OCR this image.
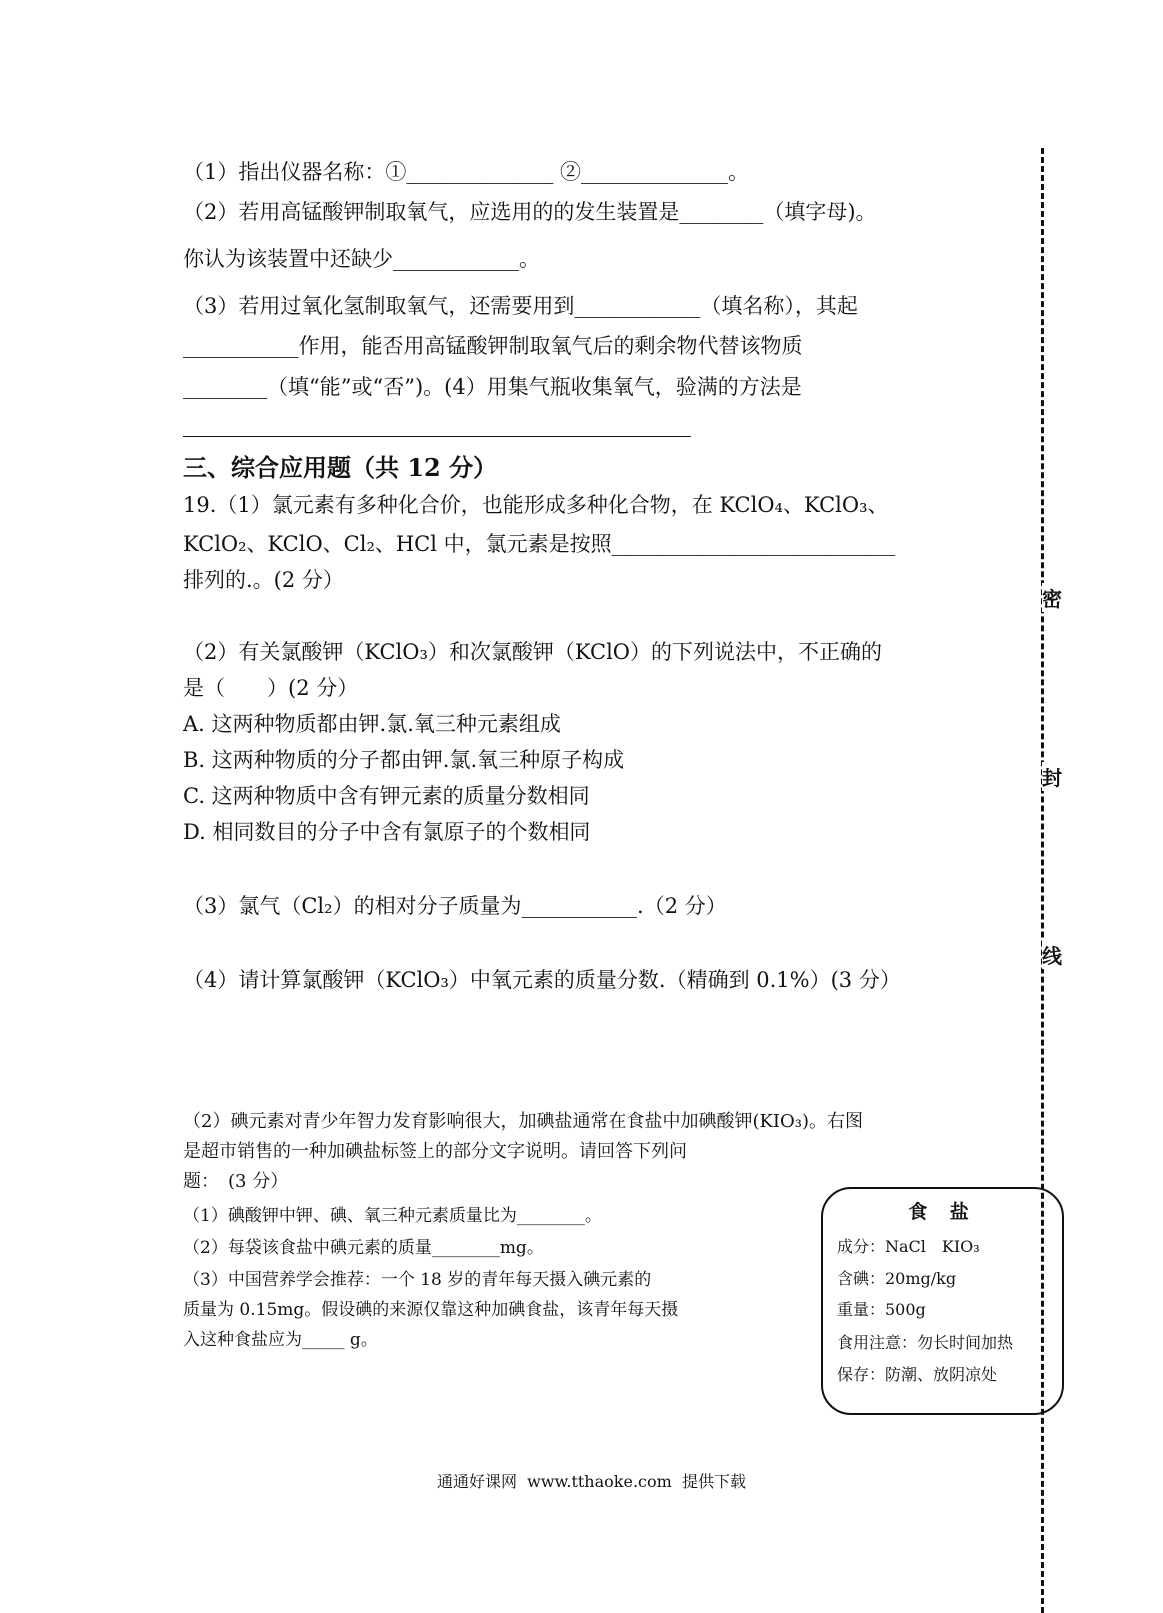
（1）指出仪器名称：①______________ ②______________。
（2）若用高锰酸钾制取氧气，应选用的的发生装置是________（填字母)。
你认为该装置中还缺少____________。
（3）若用过氧化氢制取氧气，还需要用到____________（填名称），其起
___________作用，能否用高锰酸钾制取氧气后的剩余物代替该物质
________（填“能”或“否”)。(4）用集气瓶收集氧气，验满的方法是
三、综合应用题（共 12 分）
19.（1）氯元素有多种化合价，也能形成多种化合物，在 KClO₄、KClO₃、
KClO₂、KClO、Cl₂、HCl 中，氯元素是按照___________________________
排列的.。(2 分）
（2）有关氯酸钾（KClO₃）和次氯酸钾（KClO）的下列说法中，不正确的
是（　　）(2 分）
A. 这两种物质都由钾.氯.氧三种元素组成
B. 这两种物质的分子都由钾.氯.氧三种原子构成
C. 这两种物质中含有钾元素的质量分数相同
D. 相同数目的分子中含有氯原子的个数相同
（3）氯气（Cl₂）的相对分子质量为___________.（2 分）
（4）请计算氯酸钾（KClO₃）中氧元素的质量分数.（精确到 0.1%）(3 分）
（2）碘元素对青少年智力发育影响很大，加碘盐通常在食盐中加碘酸钾(KIO₃)。右图
是超市销售的一种加碘盐标签上的部分文字说明。请回答下列问
题：　(3 分）
（1）碘酸钾中钾、碘、氧三种元素质量比为________。
（2）每袋该食盐中碘元素的质量________mg。
（3）中国营养学会推荐：一个 18 岁的青年每天摄入碘元素的
质量为 0.15mg。假设碘的来源仅靠这种加碘食盐，该青年每天摄
入这种食盐应为_____ g。
食 盐
成分：NaCl　KIO₃
含碘：20mg/kg
重量：500g
食用注意：勿长时间加热
保存：防潮、放阴凉处
密
封
线
通通好课网  www.tthaoke.com  提供下载
